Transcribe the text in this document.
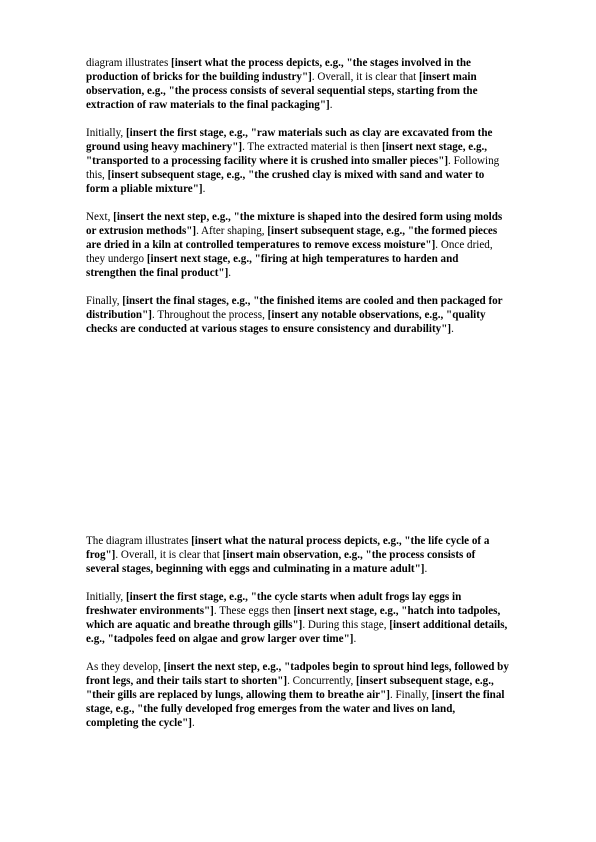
diagram illustrates [insert what the process depicts, e.g., "the stages involved in the production of bricks for the building industry"]. Overall, it is clear that [insert main observation, e.g., "the process consists of several sequential steps, starting from the extraction of raw materials to the final packaging"].

Initially, [insert the first stage, e.g., "raw materials such as clay are excavated from the ground using heavy machinery"]. The extracted material is then [insert next stage, e.g., "transported to a processing facility where it is crushed into smaller pieces"]. Following this, [insert subsequent stage, e.g., "the crushed clay is mixed with sand and water to form a pliable mixture"].

Next, [insert the next step, e.g., "the mixture is shaped into the desired form using molds or extrusion methods"]. After shaping, [insert subsequent stage, e.g., "the formed pieces are dried in a kiln at controlled temperatures to remove excess moisture"]. Once dried, they undergo [insert next stage, e.g., "firing at high temperatures to harden and strengthen the final product"].

Finally, [insert the final stages, e.g., "the finished items are cooled and then packaged for distribution"]. Throughout the process, [insert any notable observations, e.g., "quality checks are conducted at various stages to ensure consistency and durability"].

The diagram illustrates [insert what the natural process depicts, e.g., "the life cycle of a frog"]. Overall, it is clear that [insert main observation, e.g., "the process consists of several stages, beginning with eggs and culminating in a mature adult"].

Initially, [insert the first stage, e.g., "the cycle starts when adult frogs lay eggs in freshwater environments"]. These eggs then [insert next stage, e.g., "hatch into tadpoles, which are aquatic and breathe through gills"]. During this stage, [insert additional details, e.g., "tadpoles feed on algae and grow larger over time"].

As they develop, [insert the next step, e.g., "tadpoles begin to sprout hind legs, followed by front legs, and their tails start to shorten"]. Concurrently, [insert subsequent stage, e.g., "their gills are replaced by lungs, allowing them to breathe air"]. Finally, [insert the final stage, e.g., "the fully developed frog emerges from the water and lives on land, completing the cycle"].
